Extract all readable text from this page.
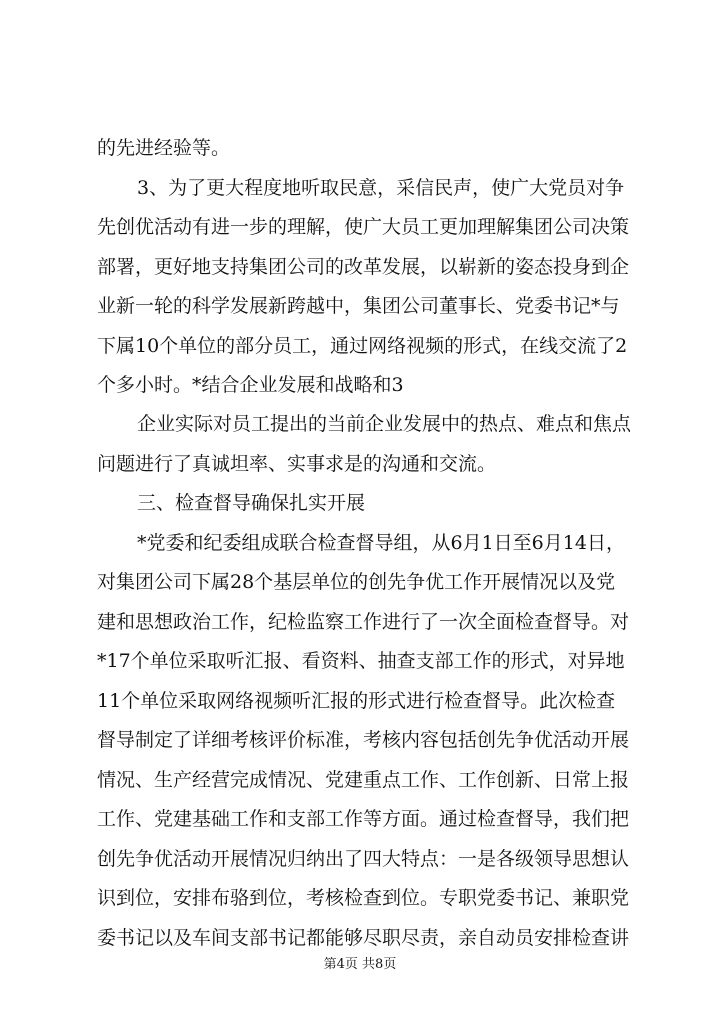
的先进经验等。
3、为了更大程度地听取民意，采信民声，使广大党员对争
先创优活动有进一步的理解，使广大员工更加理解集团公司决策
部署，更好地支持集团公司的改革发展，以崭新的姿态投身到企
业新一轮的科学发展新跨越中，集团公司董事长、党委书记*与
下属10个单位的部分员工，通过网络视频的形式，在线交流了2
个多小时。*结合企业发展和战略和3
企业实际对员工提出的当前企业发展中的热点、难点和焦点
问题进行了真诚坦率、实事求是的沟通和交流。
三、检查督导确保扎实开展
*党委和纪委组成联合检查督导组，从6月1日至6月14日，
对集团公司下属28个基层单位的创先争优工作开展情况以及党
建和思想政治工作，纪检监察工作进行了一次全面检查督导。对
*17个单位采取听汇报、看资料、抽查支部工作的形式，对异地
11个单位采取网络视频听汇报的形式进行检查督导。此次检查
督导制定了详细考核评价标准，考核内容包括创先争优活动开展
情况、生产经营完成情况、党建重点工作、工作创新、日常上报
工作、党建基础工作和支部工作等方面。通过检查督导，我们把
创先争优活动开展情况归纳出了四大特点：一是各级领导思想认
识到位，安排布骆到位，考核检查到位。专职党委书记、兼职党
委书记以及车间支部书记都能够尽职尽责，亲自动员安排检查讲
第4页 共8页
